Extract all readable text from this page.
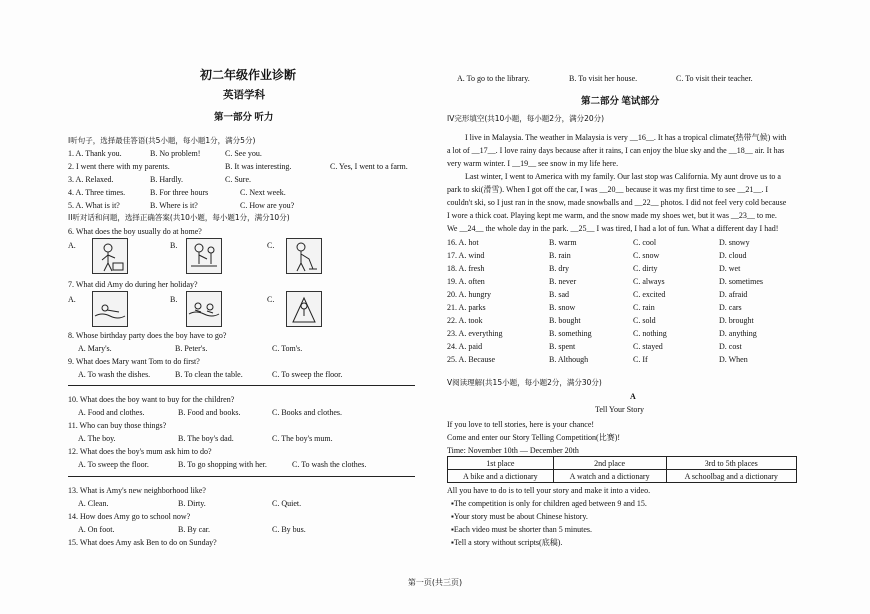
初二年级作业诊断
英语学科
第一部分 听力
I听句子，选择最佳答语(共5小题，每小题1分，满分5分)
1. A. Thank you.	B. No problem!	C. See you.
2. I went there with my parents.	B. It was interesting.	C. Yes, I went to a farm.
3. A. Relaxed.	B. Hardly.	C. Sure.
4. A. Three times.	B. For three hours	C. Next week.
5. A. What is it?	B. Where is it?	C. How are you?
II听对话和问题，选择正确答案(共10小题，每小题1分，满分10分)
6. What does the boy usually do at home?
A.	B.	C.
7. What did Amy do during her holiday?
A.	B.	C.
8. Whose birthday party does the boy have to go?
A. Mary's.	B. Peter's.	C. Tom's.
9. What does Mary want Tom to do first?
A. To wash the dishes.	B. To clean the table.	C. To sweep the floor.
10. What does the boy want to buy for the children?
A. Food and clothes.	B. Food and books.	C. Books and clothes.
11. Who can buy those things?
A. The boy.	B. The boy's dad.	C. The boy's mum.
12. What does the boy's mum ask him to do?
A. To sweep the floor.	B. To go shopping with her.	C. To wash the clothes.
13. What is Amy's new neighborhood like?
A. Clean.	B. Dirty.	C. Quiet.
14. How does Amy go to school now?
A. On foot.	B. By car.	C. By bus.
15. What does Amy ask Ben to do on Sunday?
A. To go to the library.	B. To visit her house.	C. To visit their teacher.
第二部分 笔试部分
IV完形填空(共10小题，每小题2分，满分20分)
I live in Malaysia. The weather in Malaysia is very __16__. It has a tropical climate(热带气候) with
a lot of __17__. I love rainy days because after it rains, I can enjoy the blue sky and the __18__ air. It has
very warm winter. I __19__ see snow in my life here.
Last winter, I went to America with my family. Our last stop was California. My aunt drove us to a
park to ski(滑雪). When I got off the car, I was __20__ because it was my first time to see __21__. I
couldn't ski, so I just ran in the snow, made snowballs and __22__ photos. I did not feel very cold because
I wore a thick coat. Playing kept me warm, and the snow made my shoes wet, but it was __23__ to me.
We __24__ the whole day in the park. __25__ I was tired, I had a lot of fun. What a different day I had!
16. A. hot	B. warm	C. cool	D. snowy
17. A. wind	B. rain	C. snow	D. cloud
18. A. fresh	B. dry	C. dirty	D. wet
19. A. often	B. never	C. always	D. sometimes
20. A. hungry	B. sad	C. excited	D. afraid
21. A. parks	B. snow	C. rain	D. cars
22. A. took	B. bought	C. sold	D. brought
23. A. everything	B. something	C. nothing	D. anything
24. A. paid	B. spent	C. stayed	D. cost
25. A. Because	B. Although	C. If	D. When
V阅读理解(共15小题，每小题2分，满分30分)
A
Tell Your Story
If you love to tell stories, here is your chance!
Come and enter our Story Telling Competition(比赛)!
Time: November 10th — December 20th
1st place	2nd place	3rd to 5th places
A bike and a dictionary	A watch and a dictionary	A schoolbag and a dictionary
All you have to do is to tell your story and make it into a video.
▪The competition is only for children aged between 9 and 15.
▪Your story must be about Chinese history.
▪Each video must be shorter than 5 minutes.
▪Tell a story without scripts(底稿).
第一页(共三页)
